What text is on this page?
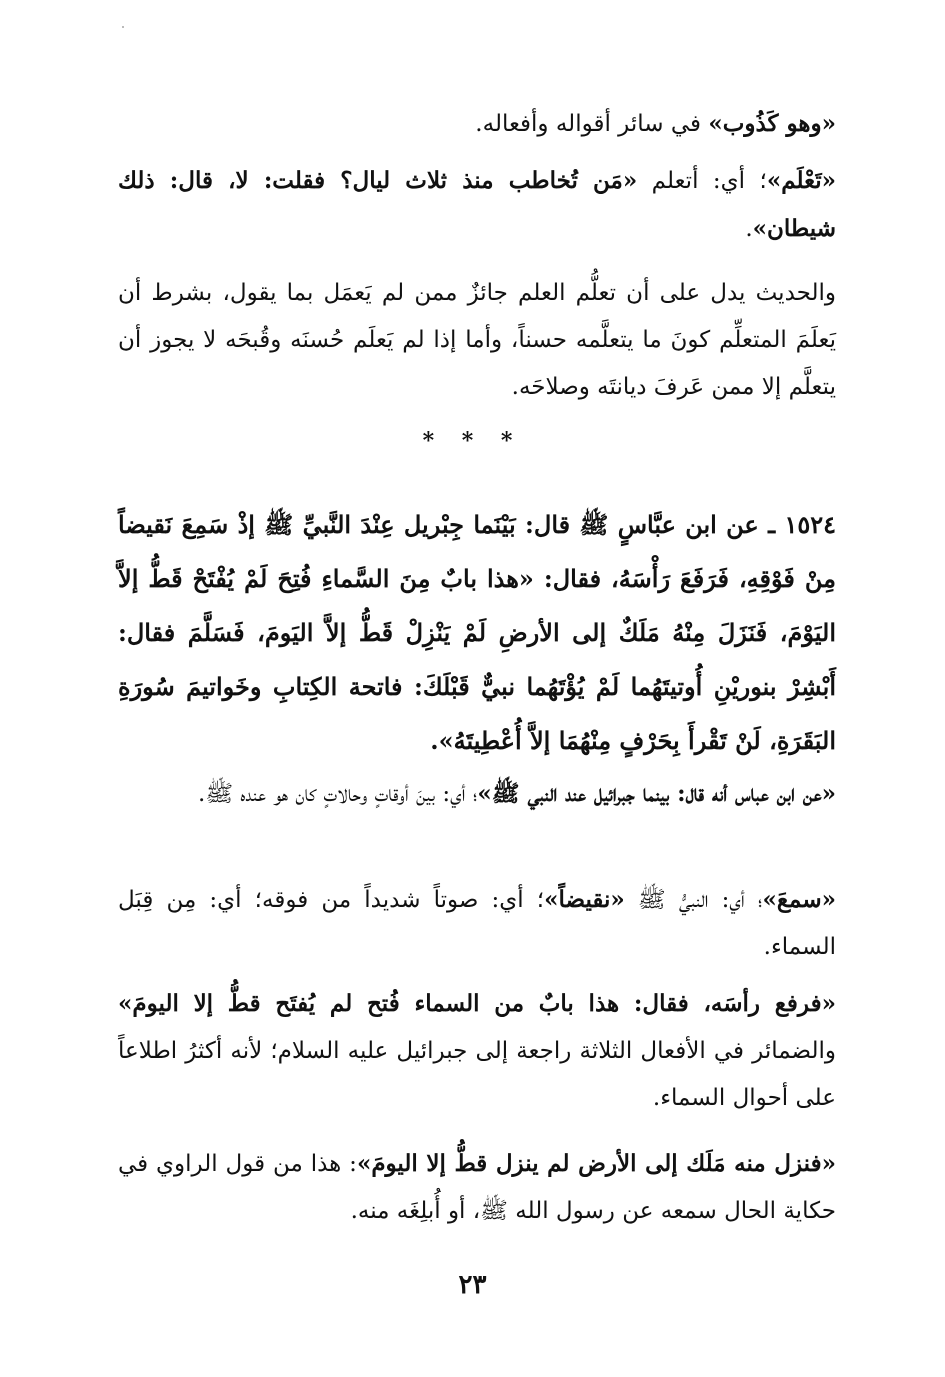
«وهو كَذُوب» في سائر أقواله وأفعاله.

«تَعْلَم»؛ أي: أتعلم «مَن تُخاطب منذ ثلاث ليال؟ فقلت: لا، قال: ذلك شيطان».

والحديث يدل على أن تعلُّم العلم جائزٌ ممن لم يَعمَل بما يقول، بشرط أن يَعلَمَ المتعلِّم كونَ ما يتعلَّمه حسناً، وأما إذا لم يَعلَم حُسنَه وقُبحَه لا يجوز أن يتعلَّم إلا ممن عَرفَ ديانتَه وصلاحَه.

* * *

١٥٢٤ ـ عن ابن عبَّاسٍ ﷺ قال: بَيْنَما جِبْريل عِنْدَ النَّبيِّ ﷺ إذْ سَمِعَ نَقيضاً مِنْ فَوْقِهِ، فَرَفَعَ رَأْسَهُ، فقال: «هذا بابٌ مِنَ السَّماءِ فُتِحَ لَمْ يُفْتَحْ قَطُّ إلاَّ اليَوْمَ، فَنَزَلَ مِنْهُ مَلَكٌ إلى الأرضِ لَمْ يَنْزِلْ قَطُّ إلاَّ اليَومَ، فَسَلَّمَ فقال: أَبْشِرْ بنوريْنِ أُوتيتَهُما لَمْ يُؤْتَهُما نبيٌّ قَبْلَكَ: فاتحة الكِتابِ وخَواتيمَ سُورَةِ البَقَرَةِ، لَنْ تَقْرأَ بِحَرْفٍ مِنْهُمَا إلاَّ أُعْطِيتَهُ».

«عن ابن عباس أنه قال: بينما جبرائيل عند النبي ﷺ»؛ أي: بينَ أوقاتٍ وحالاتٍ كان هو عنده ﷺ.

«سمعَ»؛ أي: النبيُّ ﷺ «نقيضاً»؛ أي: صوتاً شديداً من فوقه؛ أي: مِن قِبَل السماء.

«فرفع رأسَه، فقال: هذا بابٌ من السماء فُتح لم يُفتَح قطُّ إلا اليومَ» والضمائر في الأفعال الثلاثة راجعة إلى جبرائيل عليه السلام؛ لأنه أكثرُ اطلاعاً على أحوال السماء.

«فنزل منه مَلَك إلى الأرض لم ينزل قطُّ إلا اليومَ»: هذا من قول الراوي في حكاية الحال سمعه عن رسول الله ﷺ، أو أُبلِغَه منه.

٢٣
